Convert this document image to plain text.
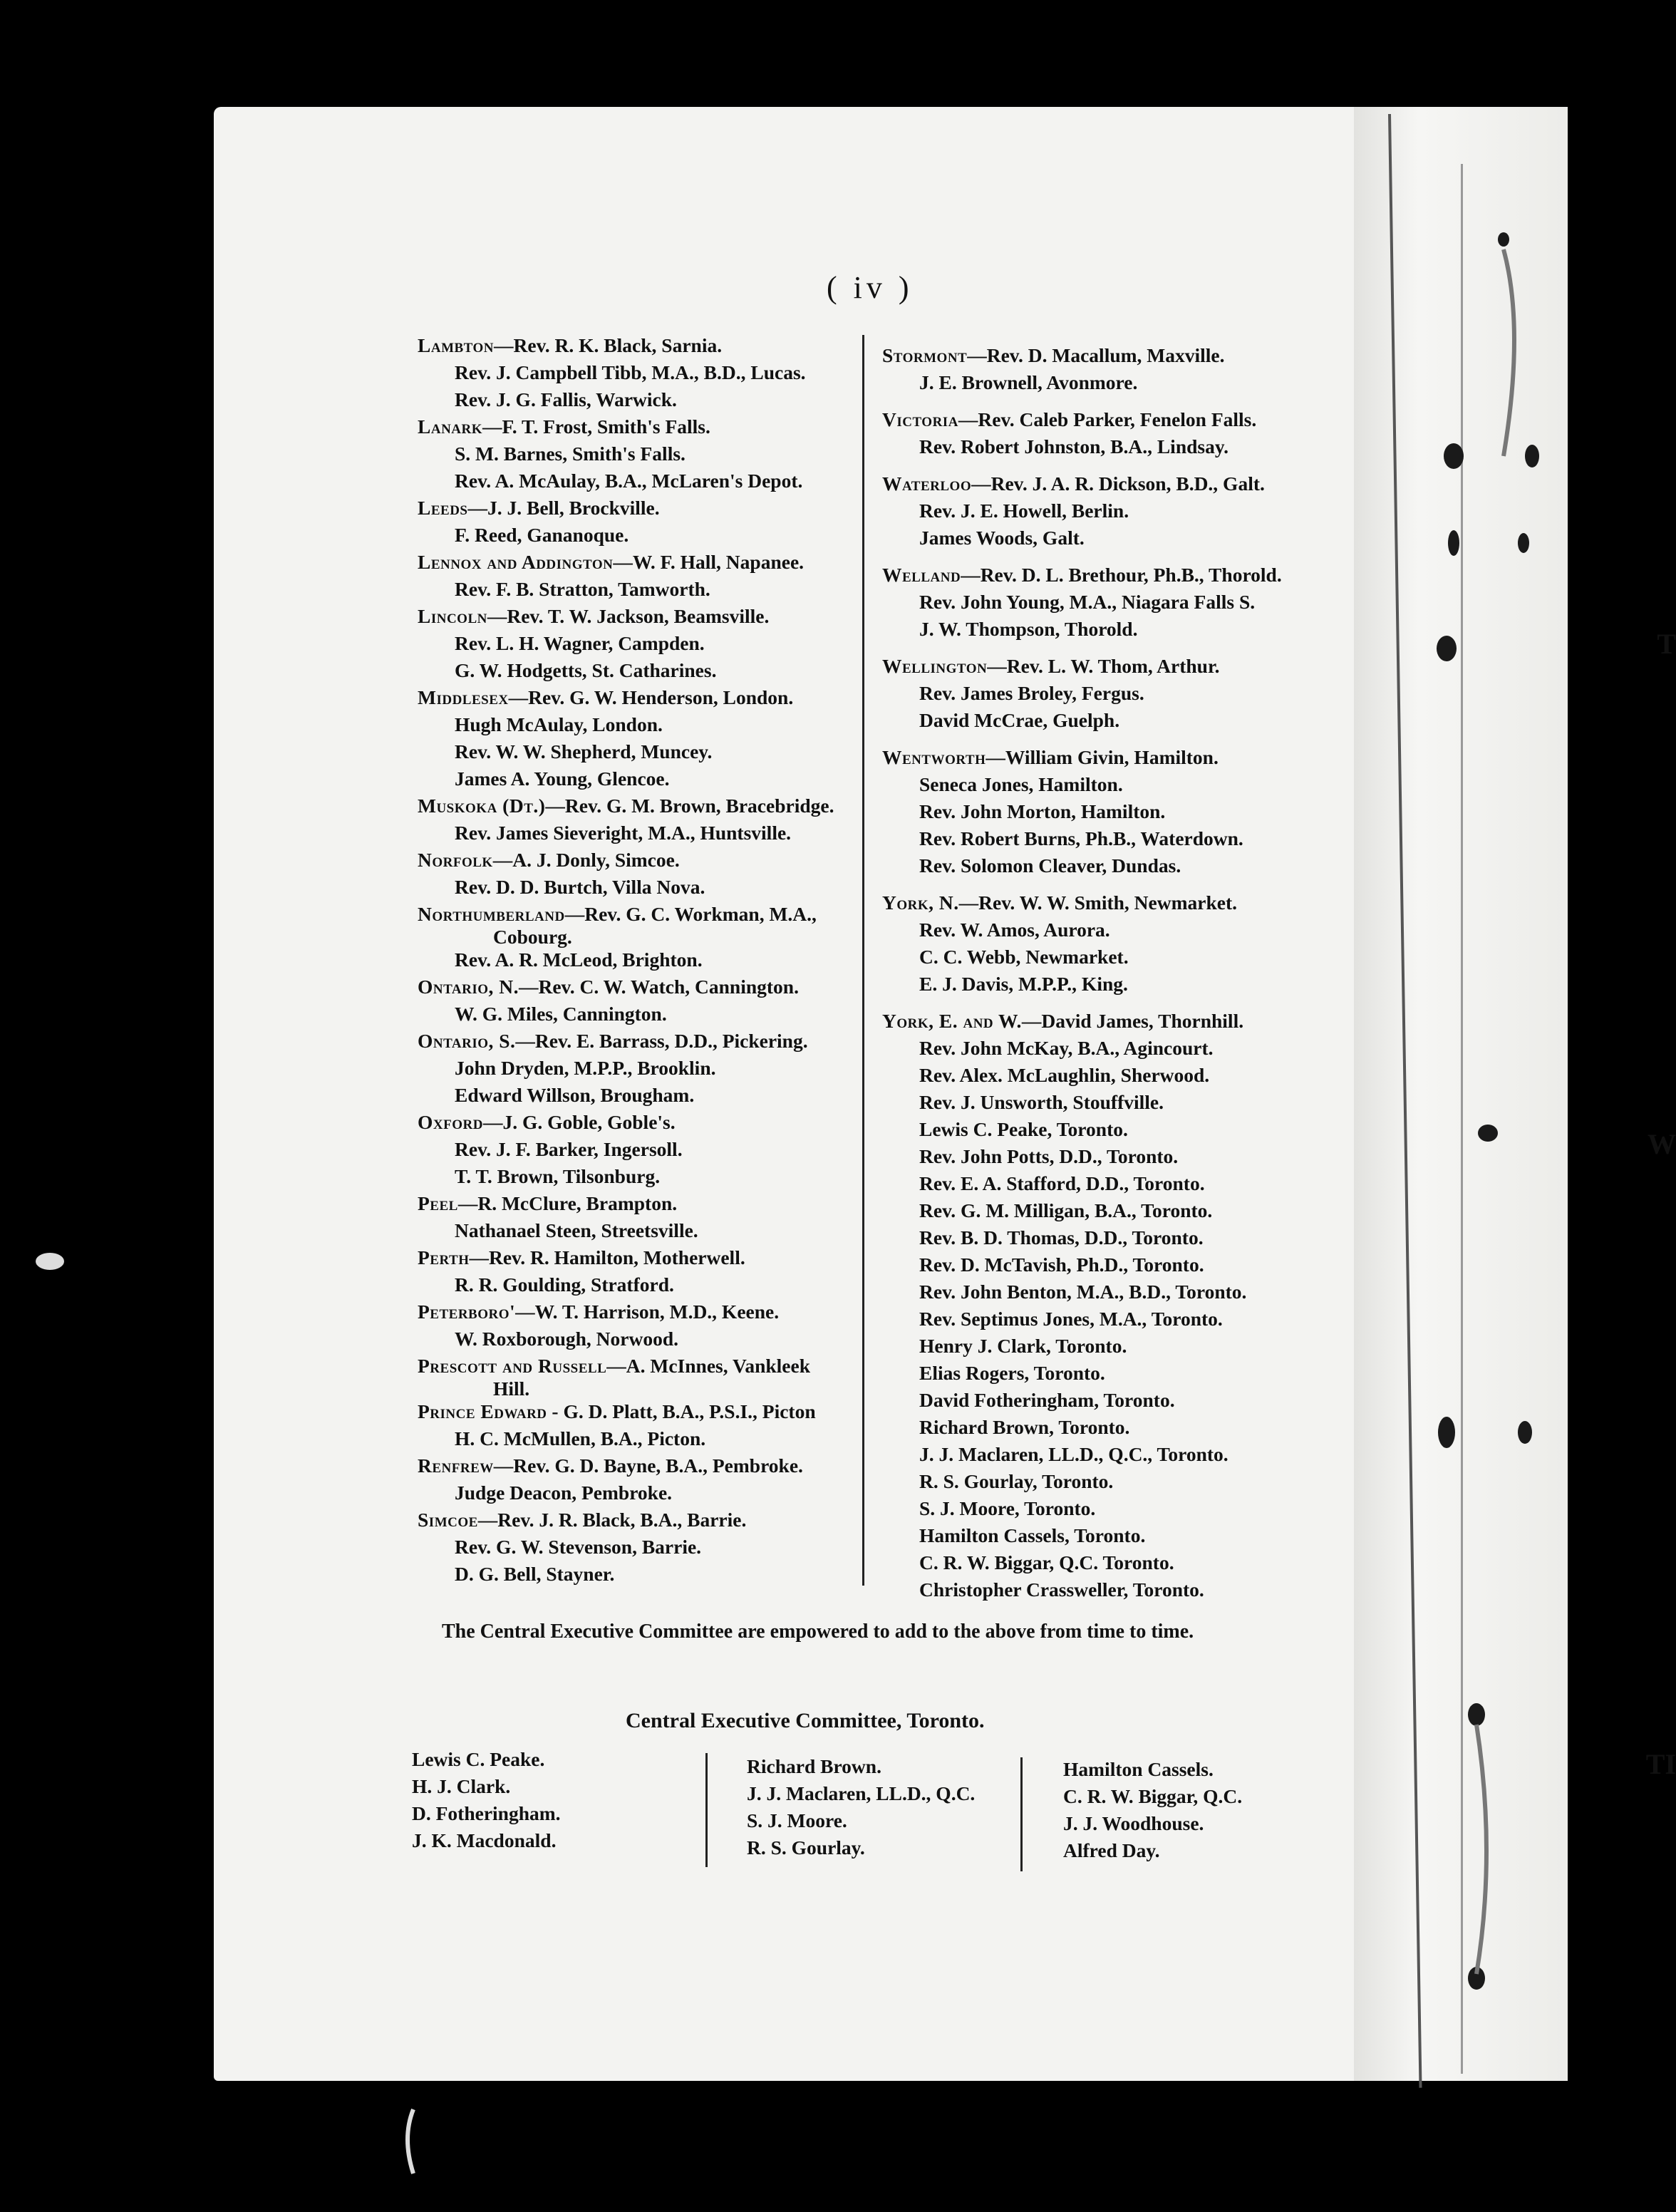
T
W
TI
( iv )
Lambton—Rev. R. K. Black, Sarnia.
Rev. J. Campbell Tibb, M.A., B.D., Lucas.
Rev. J. G. Fallis, Warwick.
Lanark—F. T. Frost, Smith's Falls.
S. M. Barnes, Smith's Falls.
Rev. A. McAulay, B.A., McLaren's Depot.
Leeds—J. J. Bell, Brockville.
F. Reed, Gananoque.
Lennox and Addington—W. F. Hall, Napanee.
Rev. F. B. Stratton, Tamworth.
Lincoln—Rev. T. W. Jackson, Beamsville.
Rev. L. H. Wagner, Campden.
G. W. Hodgetts, St. Catharines.
Middlesex—Rev. G. W. Henderson, London.
Hugh McAulay, London.
Rev. W. W. Shepherd, Muncey.
James A. Young, Glencoe.
Muskoka (Dt.)—Rev. G. M. Brown, Bracebridge.
Rev. James Sieveright, M.A., Huntsville.
Norfolk—A. J. Donly, Simcoe.
Rev. D. D. Burtch, Villa Nova.
Northumberland—Rev. G. C. Workman, M.A.,
Cobourg.
Rev. A. R. McLeod, Brighton.
Ontario, N.—Rev. C. W. Watch, Cannington.
W. G. Miles, Cannington.
Ontario, S.—Rev. E. Barrass, D.D., Pickering.
John Dryden, M.P.P., Brooklin.
Edward Willson, Brougham.
Oxford—J. G. Goble, Goble's.
Rev. J. F. Barker, Ingersoll.
T. T. Brown, Tilsonburg.
Peel—R. McClure, Brampton.
Nathanael Steen, Streetsville.
Perth—Rev. R. Hamilton, Motherwell.
R. R. Goulding, Stratford.
Peterboro'—W. T. Harrison, M.D., Keene.
W. Roxborough, Norwood.
Prescott and Russell—A. McInnes, Vankleek
Hill.
Prince Edward - G. D. Platt, B.A., P.S.I., Picton
H. C. McMullen, B.A., Picton.
Renfrew—Rev. G. D. Bayne, B.A., Pembroke.
Judge Deacon, Pembroke.
Simcoe—Rev. J. R. Black, B.A., Barrie.
Rev. G. W. Stevenson, Barrie.
D. G. Bell, Stayner.
Stormont—Rev. D. Macallum, Maxville.
J. E. Brownell, Avonmore.
Victoria—Rev. Caleb Parker, Fenelon Falls.
Rev. Robert Johnston, B.A., Lindsay.
Waterloo—Rev. J. A. R. Dickson, B.D., Galt.
Rev. J. E. Howell, Berlin.
James Woods, Galt.
Welland—Rev. D. L. Brethour, Ph.B., Thorold.
Rev. John Young, M.A., Niagara Falls S.
J. W. Thompson, Thorold.
Wellington—Rev. L. W. Thom, Arthur.
Rev. James Broley, Fergus.
David McCrae, Guelph.
Wentworth—William Givin, Hamilton.
Seneca Jones, Hamilton.
Rev. John Morton, Hamilton.
Rev. Robert Burns, Ph.B., Waterdown.
Rev. Solomon Cleaver, Dundas.
York, N.—Rev. W. W. Smith, Newmarket.
Rev. W. Amos, Aurora.
C. C. Webb, Newmarket.
E. J. Davis, M.P.P., King.
York, E. and W.—David James, Thornhill.
Rev. John McKay, B.A., Agincourt.
Rev. Alex. McLaughlin, Sherwood.
Rev. J. Unsworth, Stouffville.
Lewis C. Peake, Toronto.
Rev. John Potts, D.D., Toronto.
Rev. E. A. Stafford, D.D., Toronto.
Rev. G. M. Milligan, B.A., Toronto.
Rev. B. D. Thomas, D.D., Toronto.
Rev. D. McTavish, Ph.D., Toronto.
Rev. John Benton, M.A., B.D., Toronto.
Rev. Septimus Jones, M.A., Toronto.
Henry J. Clark, Toronto.
Elias Rogers, Toronto.
David Fotheringham, Toronto.
Richard Brown, Toronto.
J. J. Maclaren, LL.D., Q.C., Toronto.
R. S. Gourlay, Toronto.
S. J. Moore, Toronto.
Hamilton Cassels, Toronto.
C. R. W. Biggar, Q.C. Toronto.
Christopher Crassweller, Toronto.
The Central Executive Committee are empowered to add to the above from time to time.
Central Executive Committee, Toronto.
Lewis C. Peake.
H. J. Clark.
D. Fotheringham.
J. K. Macdonald.
Richard Brown.
J. J. Maclaren, LL.D., Q.C.
S. J. Moore.
R. S. Gourlay.
Hamilton Cassels.
C. R. W. Biggar, Q.C.
J. J. Woodhouse.
Alfred Day.
